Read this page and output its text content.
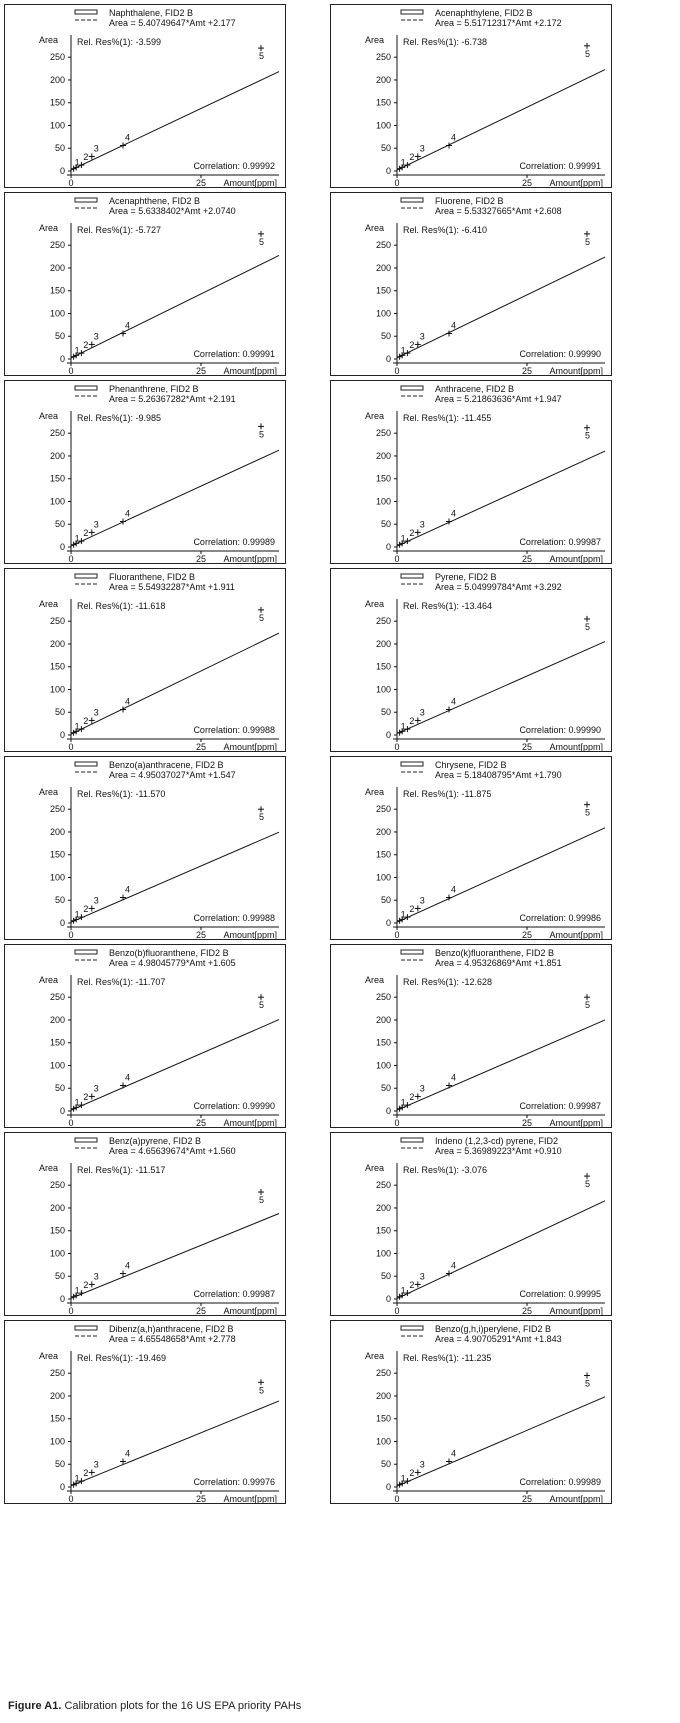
Naphthalene, FID2 B
Area = 5.40749647*Amt +2.177
Area
0
50
100
150
200
250
0	25 Amount[ppm]
Rel. Res%(1): -3.599
Correlation: 0.99992
1
2
3
4
5
Acenaphthylene, FID2 B
Area = 5.51712317*Amt +2.172
Area
0
50
100
150
200
250
0	25 Amount[ppm]
Rel. Res%(1): -6.738
Correlation: 0.99991
1
2
3
4
5
Acenaphthene, FID2 B
Area = 5.6338402*Amt +2.0740
Area
0
50
100
150
200
250
0	25 Amount[ppm]
Rel. Res%(1): -5.727
Correlation: 0.99991
1
2
3
4
5
Fluorene, FID2 B
Area = 5.53327665*Amt +2.608
Area
0
50
100
150
200
250
0	25 Amount[ppm]
Rel. Res%(1): -6.410
Correlation: 0.99990
1
2
3
4
5
Phenanthrene, FID2 B
Area = 5.26367282*Amt +2.191
Area
0
50
100
150
200
250
0	25 Amount[ppm]
Rel. Res%(1): -9.985
Correlation: 0.99989
1
2
3
4
5
Anthracene, FID2 B
Area = 5.21863636*Amt +1.947
Area
0
50
100
150
200
250
0	25 Amount[ppm]
Rel. Res%(1): -11.455
Correlation: 0.99987
1
2
3
4
5
Fluoranthene, FID2 B
Area = 5.54932287*Amt +1.911
Area
0
50
100
150
200
250
0	25 Amount[ppm]
Rel. Res%(1): -11.618
Correlation: 0.99988
1
2
3
4
5
Pyrene, FID2 B
Area = 5.04999784*Amt +3.292
Area
0
50
100
150
200
250
0	25 Amount[ppm]
Rel. Res%(1): -13.464
Correlation: 0.99990
1
2
3
4
5
Benzo(a)anthracene, FID2 B
Area = 4.95037027*Amt +1.547
Area
0
50
100
150
200
250
0	25 Amount[ppm]
Rel. Res%(1): -11.570
Correlation: 0.99988
1
2
3
4
5
Chrysene, FID2 B
Area = 5.18408795*Amt +1.790
Area
0
50
100
150
200
250
0	25 Amount[ppm]
Rel. Res%(1): -11.875
Correlation: 0.99986
1
2
3
4
5
Benzo(b)fluoranthene, FID2 B
Area = 4.98045779*Amt +1.605
Area
0
50
100
150
200
250
0	25 Amount[ppm]
Rel. Res%(1): -11.707
Correlation: 0.99990
1
2
3
4
5
Benzo(k)fluoranthene, FID2 B
Area = 4.95326869*Amt +1.851
Area
0
50
100
150
200
250
0	25 Amount[ppm]
Rel. Res%(1): -12.628
Correlation: 0.99987
1
2
3
4
5
Benz(a)pyrene, FID2 B
Area = 4.65639674*Amt +1.560
Area
0
50
100
150
200
250
0	25 Amount[ppm]
Rel. Res%(1): -11.517
Correlation: 0.99987
1
2
3
4
5
Indeno (1,2,3-cd) pyrene, FID2
Area = 5.36989223*Amt +0.910
Area
0
50
100
150
200
250
0	25 Amount[ppm]
Rel. Res%(1): -3.076
Correlation: 0.99995
1
2
3
4
5
Dibenz(a,h)anthracene, FID2 B
Area = 4.65548658*Amt +2.778
Area
0
50
100
150
200
250
0	25 Amount[ppm]
Rel. Res%(1): -19.469
Correlation: 0.99976
1
2
3
4
5
Benzo(g,h,i)perylene, FID2 B
Area = 4.90705291*Amt +1.843
Area
0
50
100
150
200
250
0	25 Amount[ppm]
Rel. Res%(1): -11.235
Correlation: 0.99989
1
2
3
4
5
Figure A1. Calibration plots for the 16 US EPA priority PAHs
